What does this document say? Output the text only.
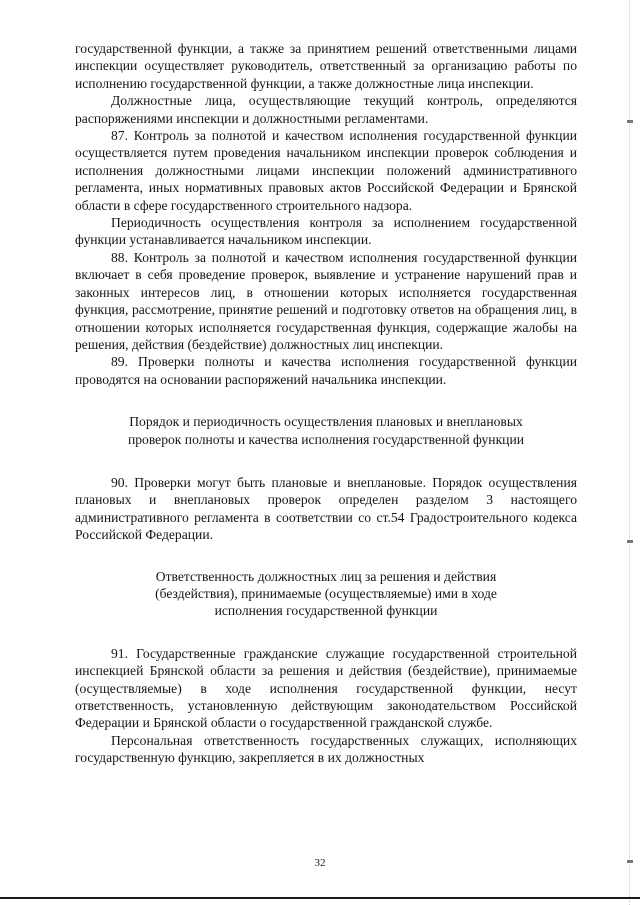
государственной функции, а также за принятием решений ответственными лицами инспекции осуществляет руководитель, ответственный за организацию работы по исполнению государственной функции, а также должностные лица инспекции.

Должностные лица, осуществляющие текущий контроль, определяются распоряжениями инспекции и должностными регламентами.

87. Контроль за полнотой и качеством исполнения государственной функции осуществляется путем проведения начальником инспекции проверок соблюдения и исполнения должностными лицами инспекции положений административного регламента, иных нормативных правовых актов Российской Федерации и Брянской области в сфере государственного строительного надзора.

Периодичность осуществления контроля за исполнением государственной функции устанавливается начальником инспекции.

88. Контроль за полнотой и качеством исполнения государственной функции включает в себя проведение проверок, выявление и устранение нарушений прав и законных интересов лиц, в отношении которых исполняется государственная функция, рассмотрение, принятие решений и подготовку ответов на обращения лиц, в отношении которых исполняется государственная функция, содержащие жалобы на решения, действия (бездействие) должностных лиц инспекции.

89. Проверки полноты и качества исполнения государственной функции проводятся на основании распоряжений начальника инспекции.

Порядок и периодичность осуществления плановых и внеплановых

проверок полноты и качества исполнения государственной функции

90. Проверки могут быть плановые и внеплановые. Порядок осуществления плановых и внеплановых проверок определен разделом 3 настоящего административного регламента в соответствии со ст.54 Градостроительного кодекса Российской Федерации.

Ответственность должностных лиц за решения и действия

(бездействия), принимаемые (осуществляемые) ими в ходе

исполнения государственной функции

91. Государственные гражданские служащие государственной строительной инспекцией Брянской области за решения и действия (бездействие), принимаемые (осуществляемые) в ходе исполнения государственной функции, несут ответственность, установленную действующим законодательством Российской Федерации и Брянской области о государственной гражданской службе.

Персональная ответственность государственных служащих, исполняющих государственную функцию, закрепляется в их должностных

32
